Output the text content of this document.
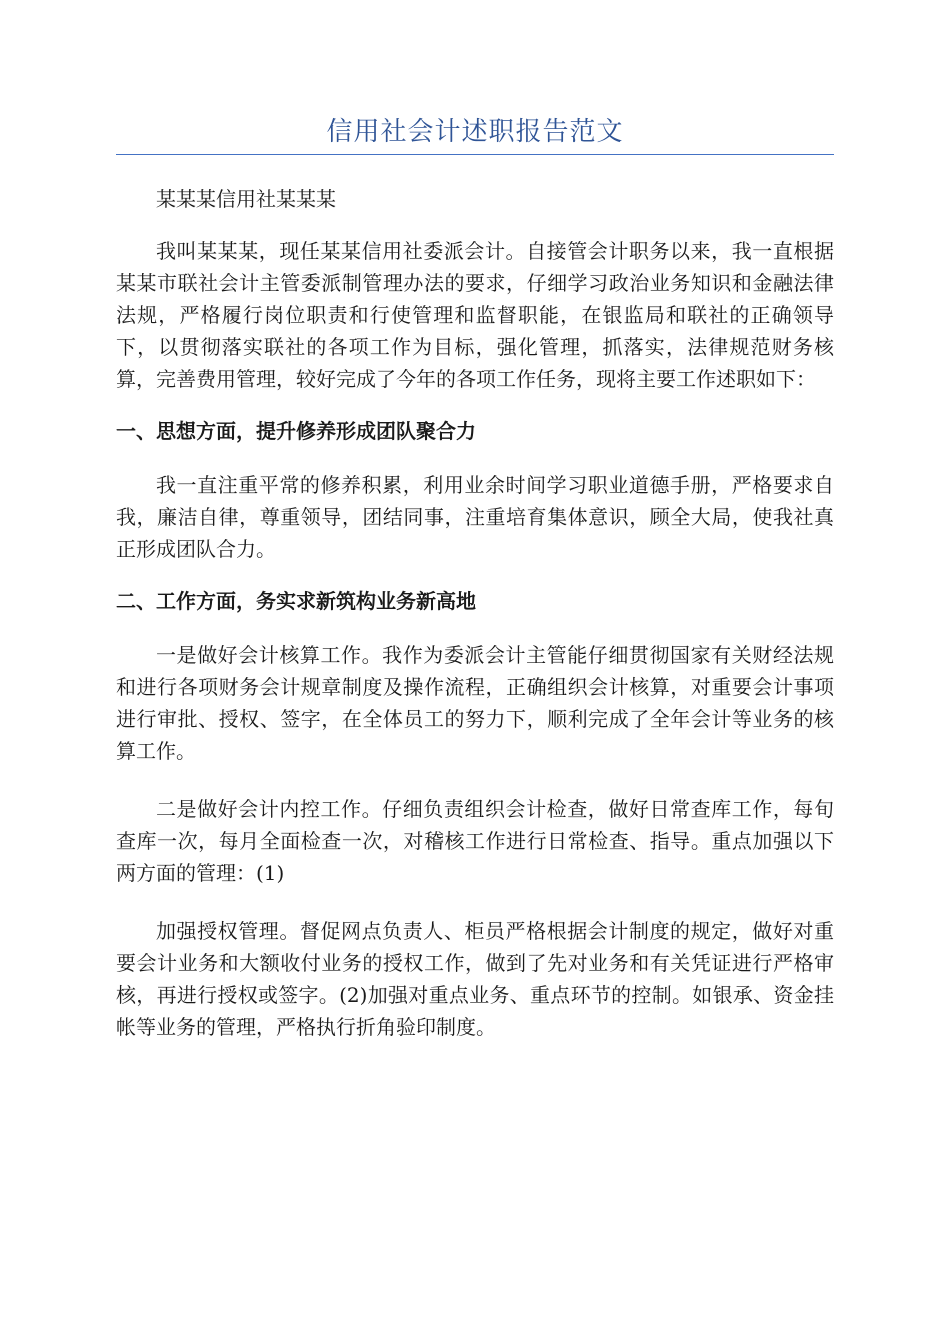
信用社会计述职报告范文

某某某信用社某某某

我叫某某某，现任某某信用社委派会计。自接管会计职务以来，我一直根据某某市联社会计主管委派制管理办法的要求，仔细学习政治业务知识和金融法律法规，严格履行岗位职责和行使管理和监督职能，在银监局和联社的正确领导下，以贯彻落实联社的各项工作为目标，强化管理，抓落实，法律规范财务核算，完善费用管理，较好完成了今年的各项工作任务，现将主要工作述职如下：

一、思想方面，提升修养形成团队聚合力

我一直注重平常的修养积累，利用业余时间学习职业道德手册，严格要求自我，廉洁自律，尊重领导，团结同事，注重培育集体意识，顾全大局，使我社真正形成团队合力。

二、工作方面，务实求新筑构业务新高地

一是做好会计核算工作。我作为委派会计主管能仔细贯彻国家有关财经法规和进行各项财务会计规章制度及操作流程，正确组织会计核算，对重要会计事项进行审批、授权、签字，在全体员工的努力下，顺利完成了全年会计等业务的核算工作。

二是做好会计内控工作。仔细负责组织会计检查，做好日常查库工作，每旬查库一次，每月全面检查一次，对稽核工作进行日常检查、指导。重点加强以下两方面的管理：(1)

加强授权管理。督促网点负责人、柜员严格根据会计制度的规定，做好对重要会计业务和大额收付业务的授权工作，做到了先对业务和有关凭证进行严格审核，再进行授权或签字。(2)加强对重点业务、重点环节的控制。如银承、资金挂帐等业务的管理，严格执行折角验印制度。
